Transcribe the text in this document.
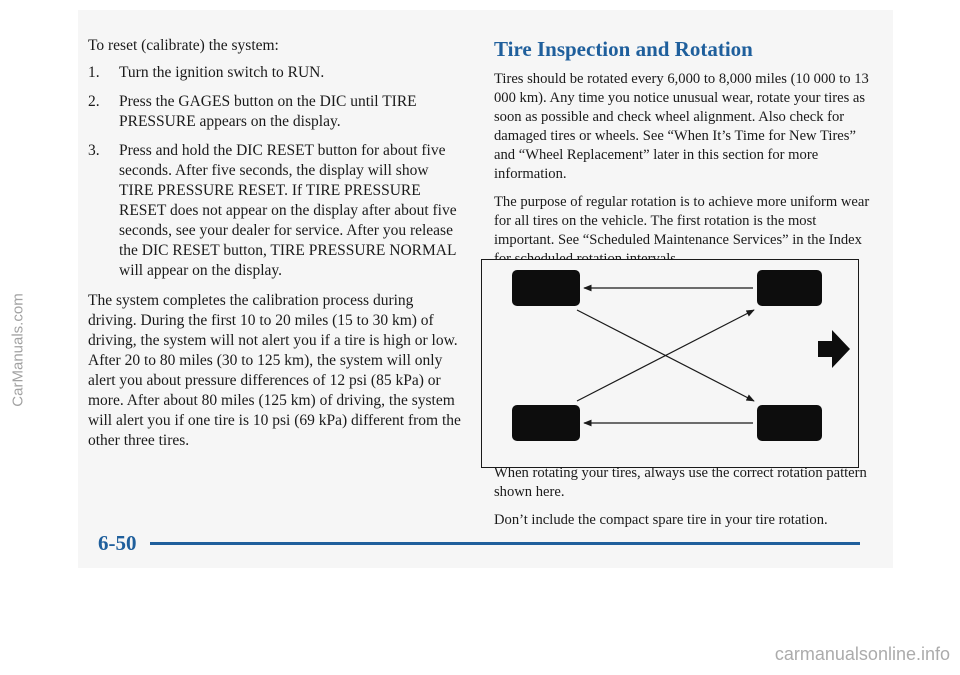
To reset (calibrate) the system:

1. Turn the ignition switch to RUN.
2. Press the GAGES button on the DIC until TIRE PRESSURE appears on the display.
3. Press and hold the DIC RESET button for about five seconds. After five seconds, the display will show TIRE PRESSURE RESET. If TIRE PRESSURE RESET does not appear on the display after about five seconds, see your dealer for service. After you release the DIC RESET button, TIRE PRESSURE NORMAL will appear on the display.

The system completes the calibration process during driving. During the first 10 to 20 miles (15 to 30 km) of driving, the system will not alert you if a tire is high or low. After 20 to 80 miles (30 to 125 km), the system will only alert you about pressure differences of 12 psi (85 kPa) or more. After about 80 miles (125 km) of driving, the system will alert you if one tire is 10 psi (69 kPa) different from the other three tires.

Tire Inspection and Rotation

Tires should be rotated every 6,000 to 8,000 miles (10 000 to 13 000 km). Any time you notice unusual wear, rotate your tires as soon as possible and check wheel alignment. Also check for damaged tires or wheels. See “When It’s Time for New Tires” and “Wheel Replacement” later in this section for more information.

The purpose of regular rotation is to achieve more uniform wear for all tires on the vehicle. The first rotation is the most important. See “Scheduled Maintenance Services” in the Index

When rotating your tires, always use the correct rotation pattern shown here.

Don’t include the compact spare tire in your tire rotation.

6-50
CarManuals.com
carmanualsonline.info
